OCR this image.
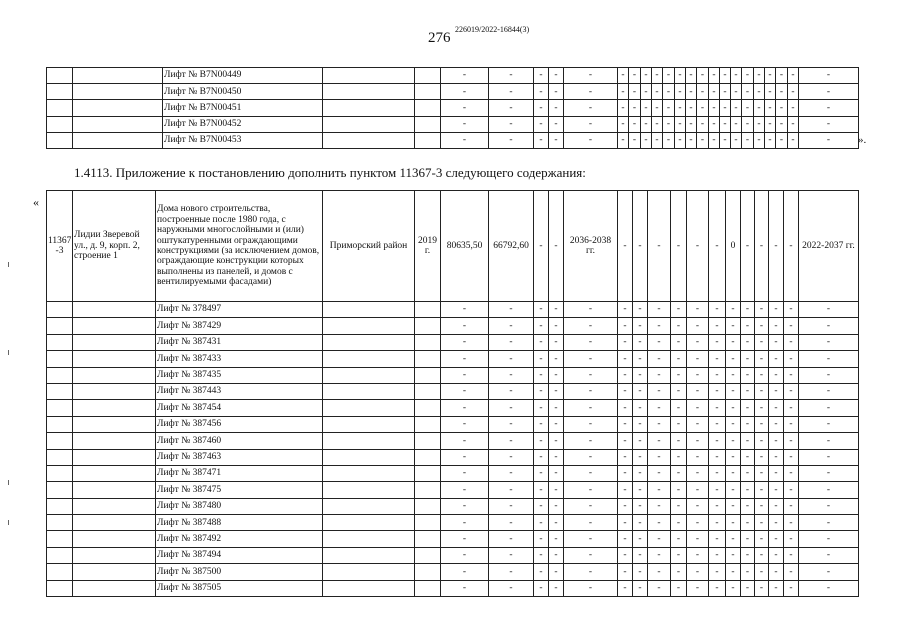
276
226019/2022-16844(3)
		Лифт № B7N00449			-	-	-	-	-	-	-	-	-	-	-	-	-	-	-	-	-	-	-	-	-	-
		Лифт № B7N00450			-	-	-	-	-	-	-	-	-	-	-	-	-	-	-	-	-	-	-	-	-	-
		Лифт № B7N00451			-	-	-	-	-	-	-	-	-	-	-	-	-	-	-	-	-	-	-	-	-	-
		Лифт № B7N00452			-	-	-	-	-	-	-	-	-	-	-	-	-	-	-	-	-	-	-	-	-	-
		Лифт № B7N00453			-	-	-	-	-	-	-	-	-	-	-	-	-	-	-	-	-	-	-	-	-	-	».
1.4113. Приложение к постановлению дополнить пунктом 11367-3 следующего содержания:
«
11367 -3	Лидии Зверевой ул., д. 9, корп. 2, строение 1	Дома нового строительства, построенные после 1980 года, с наружными многослойными и (или) оштукатуренными ограждающими конструкциями (за исключением домов, ограждающие конструкции которых выполнены из панелей, и домов с вентилируемыми фасадами)	Приморский район	2019 г.	80635,50	66792,60	-	-	2036-2038 гг.	-	-	-	-	-	-	0	-	-	-	-	2022-2037 гг.
		Лифт № 378497			-	-	-	-	-	-	-	-	-	-	-	-	-	-	-	-	-
		Лифт № 387429			-	-	-	-	-	-	-	-	-	-	-	-	-	-	-	-	-
		Лифт № 387431			-	-	-	-	-	-	-	-	-	-	-	-	-	-	-	-	-
		Лифт № 387433			-	-	-	-	-	-	-	-	-	-	-	-	-	-	-	-	-
		Лифт № 387435			-	-	-	-	-	-	-	-	-	-	-	-	-	-	-	-	-
		Лифт № 387443			-	-	-	-	-	-	-	-	-	-	-	-	-	-	-	-	-
		Лифт № 387454			-	-	-	-	-	-	-	-	-	-	-	-	-	-	-	-	-
		Лифт № 387456			-	-	-	-	-	-	-	-	-	-	-	-	-	-	-	-	-
		Лифт № 387460			-	-	-	-	-	-	-	-	-	-	-	-	-	-	-	-	-
		Лифт № 387463			-	-	-	-	-	-	-	-	-	-	-	-	-	-	-	-	-
		Лифт № 387471			-	-	-	-	-	-	-	-	-	-	-	-	-	-	-	-	-
		Лифт № 387475			-	-	-	-	-	-	-	-	-	-	-	-	-	-	-	-	-
		Лифт № 387480			-	-	-	-	-	-	-	-	-	-	-	-	-	-	-	-	-
		Лифт № 387488			-	-	-	-	-	-	-	-	-	-	-	-	-	-	-	-	-
		Лифт № 387492			-	-	-	-	-	-	-	-	-	-	-	-	-	-	-	-	-
		Лифт № 387494			-	-	-	-	-	-	-	-	-	-	-	-	-	-	-	-	-
		Лифт № 387500			-	-	-	-	-	-	-	-	-	-	-	-	-	-	-	-	-
		Лифт № 387505			-	-	-	-	-	-	-	-	-	-	-	-	-	-	-	-	-
